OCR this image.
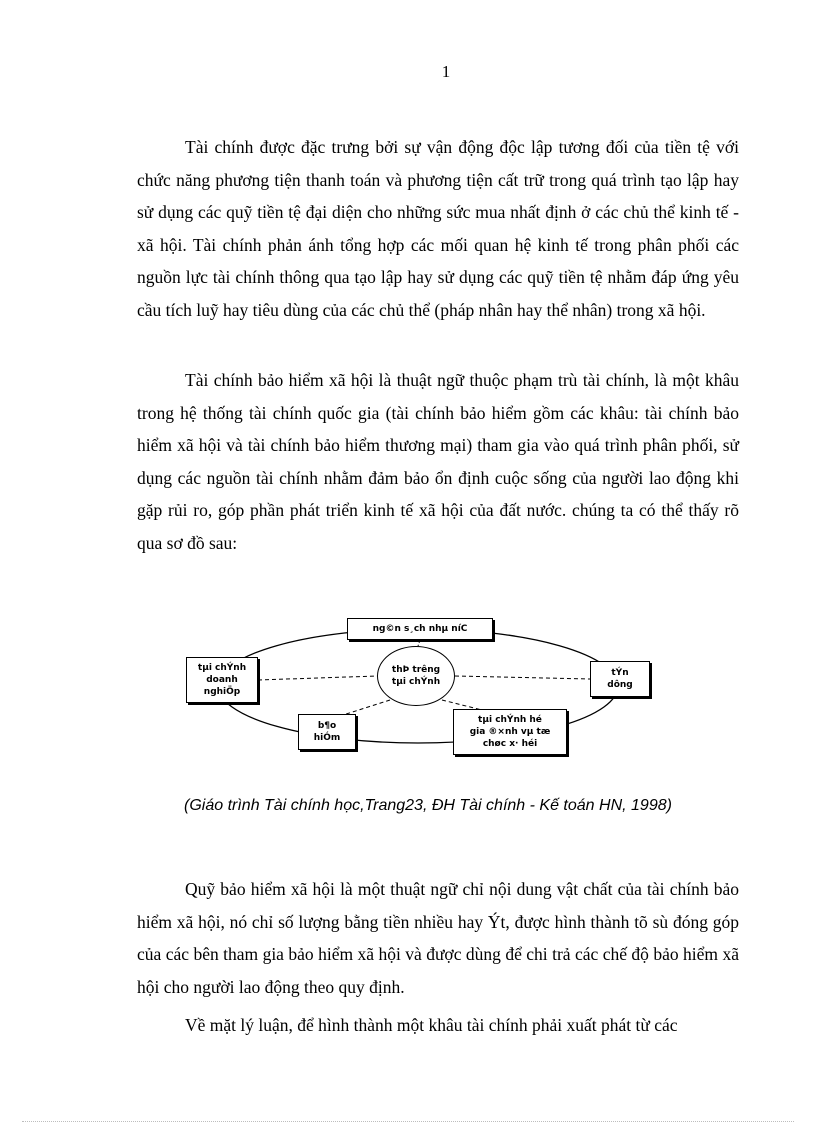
1

Tài chính được đặc trưng bởi sự vận động độc lập tương đối của tiền tệ với chức năng phương tiện thanh toán và phương tiện cất trữ trong quá trình tạo lập hay sử dụng các quỹ tiền tệ đại diện cho những sức mua nhất định ở các chủ thể kinh tế - xã hội. Tài chính phản ánh tổng hợp các mối quan hệ kinh tế trong phân phối các nguồn lực tài chính thông qua tạo lập hay sử dụng các quỹ tiền tệ nhằm đáp ứng yêu cầu tích luỹ hay tiêu dùng của các chủ thể (pháp nhân hay thể nhân) trong xã hội.

Tài chính bảo hiểm xã hội là thuật ngữ thuộc phạm trù tài chính, là một khâu trong hệ thống tài chính quốc gia (tài chính bảo hiểm gồm các khâu: tài chính bảo hiểm xã hội và tài chính bảo hiểm thương mại) tham gia vào quá trình phân phối, sử dụng các nguồn tài chính nhằm đảm bảo ổn định cuộc sống của người lao động khi gặp rủi ro, góp phần phát triển kinh tế xã hội của đất nước. chúng ta có thể thấy rõ qua sơ đồ sau:

ng©n s¸ch nhµ níC
tµi chÝnh
doanh
nghiÖp
thÞ trêng
tµi chÝnh
tÝn
dông
b¶o
hiÓm
tµi chÝnh hé
gia ®×nh vµ tæ
chøc x· héi
(Giáo trình Tài chính học,Trang23, ĐH Tài chính - Kế toán HN, 1998)

Quỹ bảo hiểm xã hội là một thuật ngữ chỉ nội dung vật chất của tài chính bảo hiểm xã hội, nó chỉ số lượng bằng tiền nhiều hay Ýt, được hình thành tõ sù đóng góp của các bên tham gia bảo hiểm xã hội và được dùng để chi trả các chế độ bảo hiểm xã hội cho người lao động theo quy định.

Về mặt lý luận, để hình thành một khâu tài chính phải xuất phát từ các
